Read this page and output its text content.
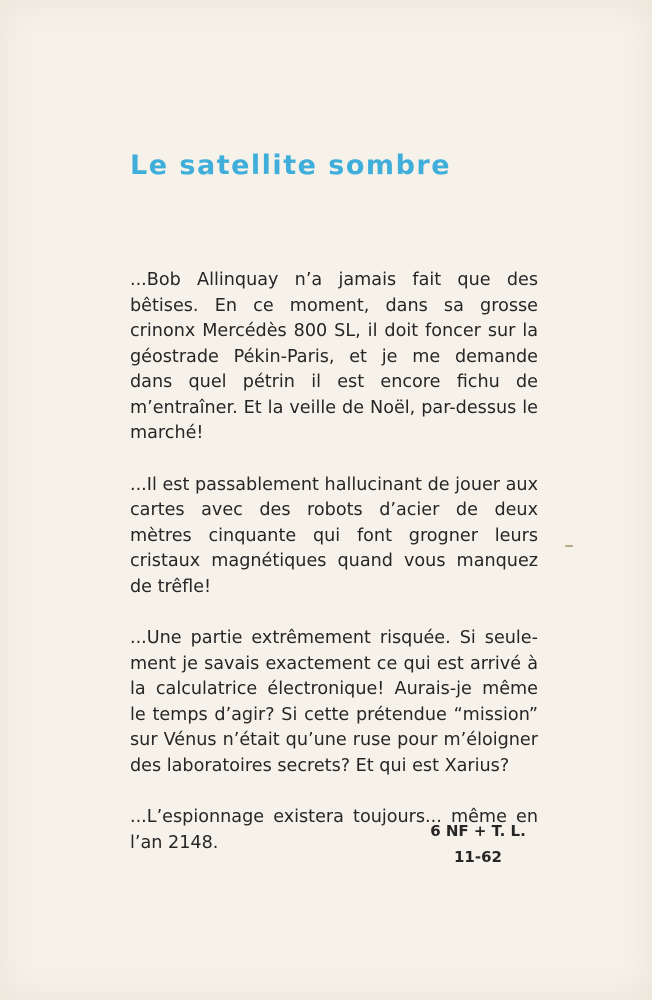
Le satellite sombre

...Bob Allinquay n’a jamais fait que des bêtises. En ce moment, dans sa grosse crinonx Mercédès 800 SL, il doit foncer sur la géostrade Pékin-Paris, et je me demande dans quel pétrin il est encore fichu de m’entraîner. Et la veille de Noël, par-dessus le marché!

...Il est passablement hallucinant de jouer aux cartes avec des robots d’acier de deux mètres cinquante qui font grogner leurs cristaux magnétiques quand vous manquez de trêfle!

...Une partie extrêmement risquée. Si seulement je savais exactement ce qui est arrivé à la calculatrice électronique! Aurais-je même le temps d’agir? Si cette prétendue “mission” sur Vénus n’était qu’une ruse pour m’éloigner des laboratoires secrets? Et qui est Xarius?

...L’espionnage existera toujours... même en l’an 2148.

6 NF + T. L.
11-62
